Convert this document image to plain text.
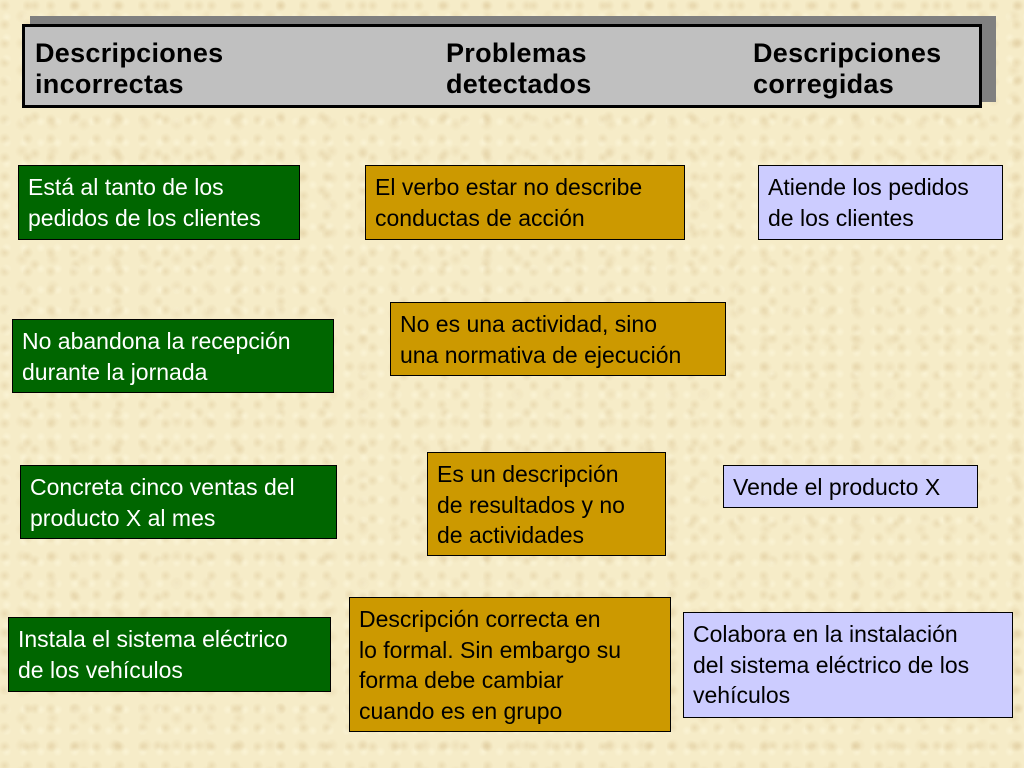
Descripciones
incorrectas
Problemas
detectados
Descripciones
corregidas
Está al tanto de los
pedidos de los clientes
El verbo estar no describe
conductas de acción
Atiende los pedidos
de los clientes
No abandona la recepción
durante la jornada
No es una actividad, sino
una normativa de ejecución
Concreta cinco ventas del
producto X al mes
Es un descripción
de resultados y no
de actividades
Vende el producto X
Instala el sistema eléctrico
de los vehículos
Descripción correcta en
lo formal. Sin embargo su
forma debe cambiar
cuando es en grupo
Colabora en la instalación
del sistema eléctrico de los
vehículos
